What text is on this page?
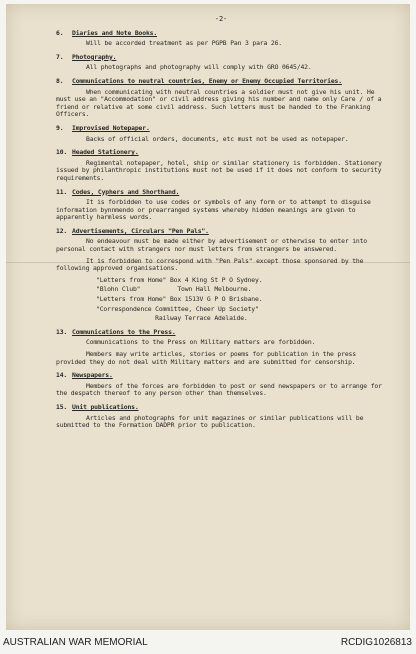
-2-
6. Diaries and Note Books.
Will be accorded treatment as per PGPB Pan 3 para 26.
7. Photography.
All photographs and photography will comply with GRO 0645/42.
8. Communications to neutral countries, Enemy or Enemy Occupied Territories.
When communicating with neutral countries a soldier must not give his unit. He must use an "Accommodation" or civil address giving his number and name only Care / of a friend or relative at some civil address. Such letters must be handed to the Franking Officers.
9. Improvised Notepaper.
Backs of official orders, documents, etc must not be used as notepaper.
10. Headed Stationery.
Regimental notepaper, hotel, ship or similar stationery is forbidden. Stationery issued by philanthropic institutions must not be used if it does not conform to security requirements.
11. Codes, Cyphers and Shorthand.
It is forbidden to use codes or symbols of any form or to attempt to disguise information bynnmendo or prearranged systems whereby hidden meanings are given to apparently harmless words.
12. Advertisements, Circulars "Pen Pals".
No endeavour must be made either by advertisement or otherwise to enter into personal contact with strangers nor must letters from strangers be answered.
It is forbidden to correspond with "Pen Pals" except those sponsored by the following approved organisations.
"Letters from Home" Box 4 King St P O Sydney.
"Blohn Club"          Town Hall Melbourne.
"Letters from Home" Box 1513V G P O Brisbane.
"Correspondence Committee, Cheer Up Society"
Railway Terrace Adelaide.
13. Communications to the Press.
Communications to the Press on Military matters are forbidden.
Members may write articles, stories or poems for publication in the press provided they do not deal with Military matters and are submitted for censorship.
14. Newspapers.
Members of the forces are forbidden to post or send newspapers or to arrange for the despatch thereof to any person other than themselves.
15. Unit publications.
Articles and photographs for unit magazines or similar publications will be submitted to the Formation DADPR prior to publication.
AUSTRALIAN WAR MEMORIAL	RCDIG1026813
